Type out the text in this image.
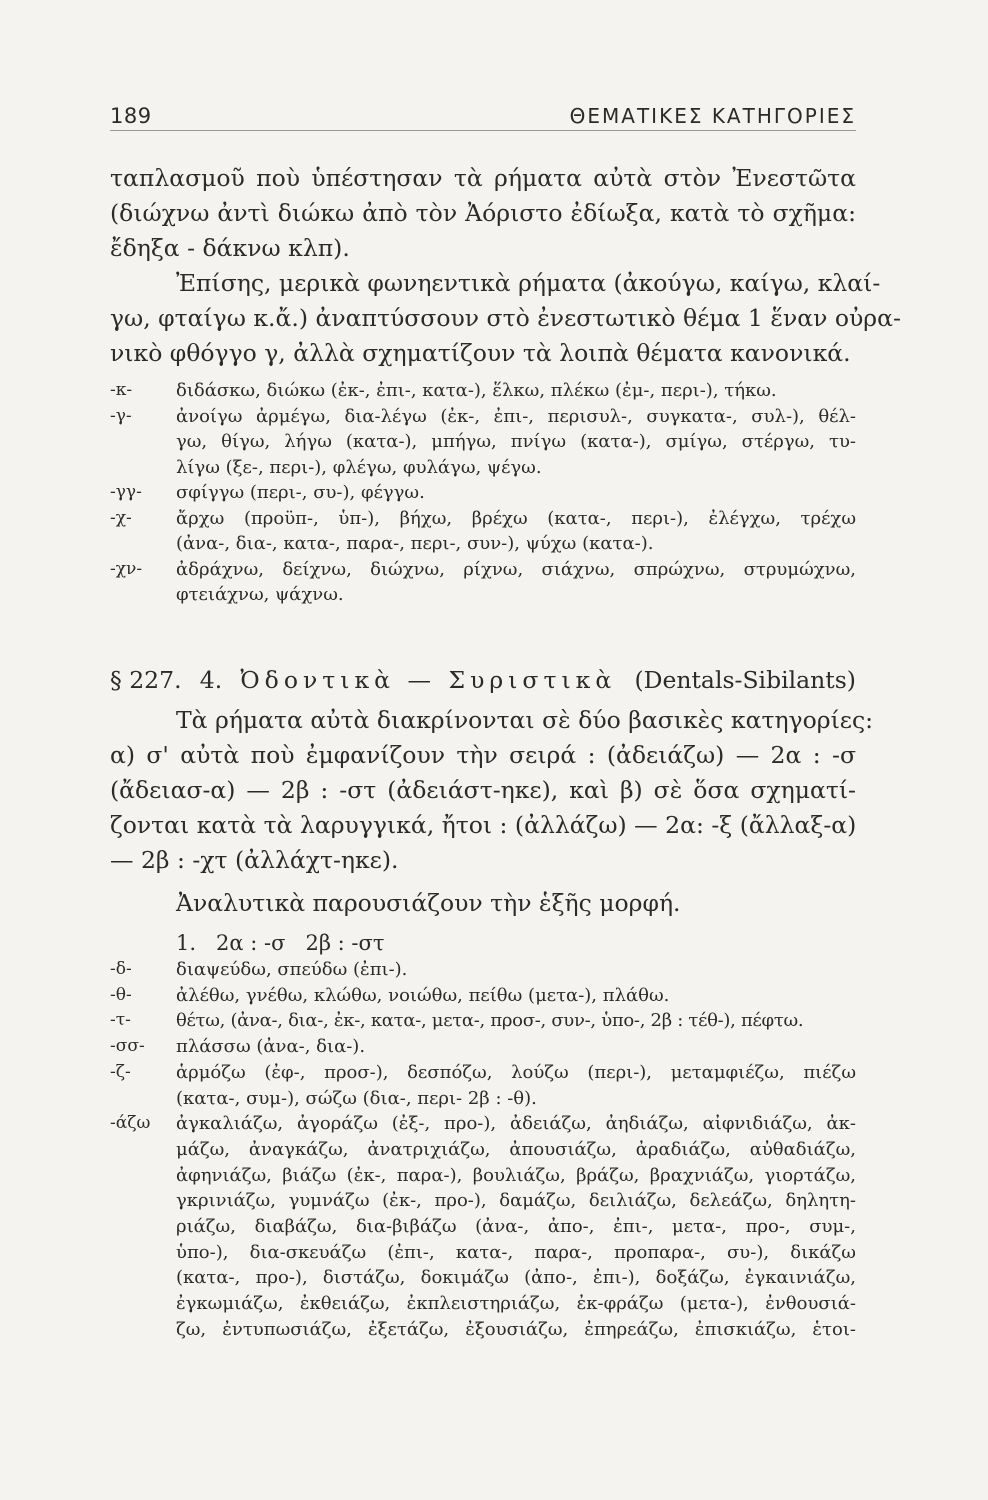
189	ΘΕΜΑΤΙΚΕΣ ΚΑΤΗΓΟΡΙΕΣ
ταπλασμοῦ ποὺ ὑπέστησαν τὰ ρήματα αὐτὰ στὸν Ἐνεστῶτα
(διώχνω ἀντὶ διώκω ἀπὸ τὸν Ἀόριστο ἐδίωξα, κατὰ τὸ σχῆμα:
ἔδηξα - δάκνω κλπ).
Ἐπίσης, μερικὰ φωνηεντικὰ ρήματα (ἀκούγω, καίγω, κλαί-
γω, φταίγω κ.ἄ.) ἀναπτύσσουν στὸ ἐνεστωτικὸ θέμα 1 ἕναν οὐρα-
νικὸ φθόγγο γ, ἀλλὰ σχηματίζουν τὰ λοιπὰ θέματα κανονικά.
-κ-	διδάσκω, διώκω (ἐκ-, ἐπι-, κατα-), ἕλκω, πλέκω (ἐμ-, περι-), τήκω.
-γ-	ἀνοίγω ἀρμέγω, δια-λέγω (ἐκ-, ἐπι-, περισυλ-, συγκατα-, συλ-), θέλ-
γω, θίγω, λήγω (κατα-), μπήγω, πνίγω (κατα-), σμίγω, στέργω, τυ-
λίγω (ξε-, περι-), φλέγω, φυλάγω, ψέγω.
-γγ-	σφίγγω (περι-, συ-), φέγγω.
-χ-	ἄρχω (προϋπ-, ὑπ-), βήχω, βρέχω (κατα-, περι-), ἐλέγχω, τρέχω
(ἀνα-, δια-, κατα-, παρα-, περι-, συν-), ψύχω (κατα-).
-χν-	ἀδράχνω, δείχνω, διώχνω, ρίχνω, σιάχνω, σπρώχνω, στρυμώχνω,
φτειάχνω, ψάχνω.
§ 227. 4. Ὀδοντικὰ — Συριστικὰ (Dentals-Sibilants)
Τὰ ρήματα αὐτὰ διακρίνονται σὲ δύο βασικὲς κατηγορίες:
α) σ' αὐτὰ ποὺ ἐμφανίζουν τὴν σειρά : (ἀδειάζω) — 2α : -σ
(ἄδειασ-α) — 2β : -στ (ἀδειάστ-ηκε), καὶ β) σὲ ὅσα σχηματί-
ζονται κατὰ τὰ λαρυγγικά, ἤτοι : (ἀλλάζω) — 2α: -ξ (ἄλλαξ-α)
— 2β : -χτ (ἀλλάχτ-ηκε).
Ἀναλυτικὰ παρουσιάζουν τὴν ἑξῆς μορφή.
1.   2α : -σ   2β : -στ
-δ-	διαψεύδω, σπεύδω (ἐπι-).
-θ-	ἀλέθω, γνέθω, κλώθω, νοιώθω, πείθω (μετα-), πλάθω.
-τ-	θέτω, (ἀνα-, δια-, ἐκ-, κατα-, μετα-, προσ-, συν-, ὑπο-, 2β : τέθ-), πέφτω.
-σσ-	πλάσσω (ἀνα-, δια-).
-ζ-	ἁρμόζω (ἐφ-, προσ-), δεσπόζω, λούζω (περι-), μεταμφιέζω, πιέζω
(κατα-, συμ-), σώζω (δια-, περι- 2β : -θ).
-άζω	ἀγκαλιάζω, ἀγοράζω (ἐξ-, προ-), ἀδειάζω, ἀηδιάζω, αἰφνιδιάζω, ἀκ-
μάζω, ἀναγκάζω, ἀνατριχιάζω, ἀπουσιάζω, ἀραδιάζω, αὐθαδιάζω,
ἀφηνιάζω, βιάζω (ἐκ-, παρα-), βουλιάζω, βράζω, βραχνιάζω, γιορτάζω,
γκρινιάζω, γυμνάζω (ἐκ-, προ-), δαμάζω, δειλιάζω, δελεάζω, δηλητη-
ριάζω, διαβάζω, δια-βιβάζω (ἀνα-, ἀπο-, ἐπι-, μετα-, προ-, συμ-,
ὑπο-), δια-σκευάζω (ἐπι-, κατα-, παρα-, προπαρα-, συ-), δικάζω
(κατα-, προ-), διστάζω, δοκιμάζω (ἀπο-, ἐπι-), δοξάζω, ἐγκαινιάζω,
ἐγκωμιάζω, ἐκθειάζω, ἐκπλειστηριάζω, ἐκ-φράζω (μετα-), ἐνθουσιά-
ζω, ἐντυπωσιάζω, ἐξετάζω, ἐξουσιάζω, ἐπηρεάζω, ἐπισκιάζω, ἑτοι-
